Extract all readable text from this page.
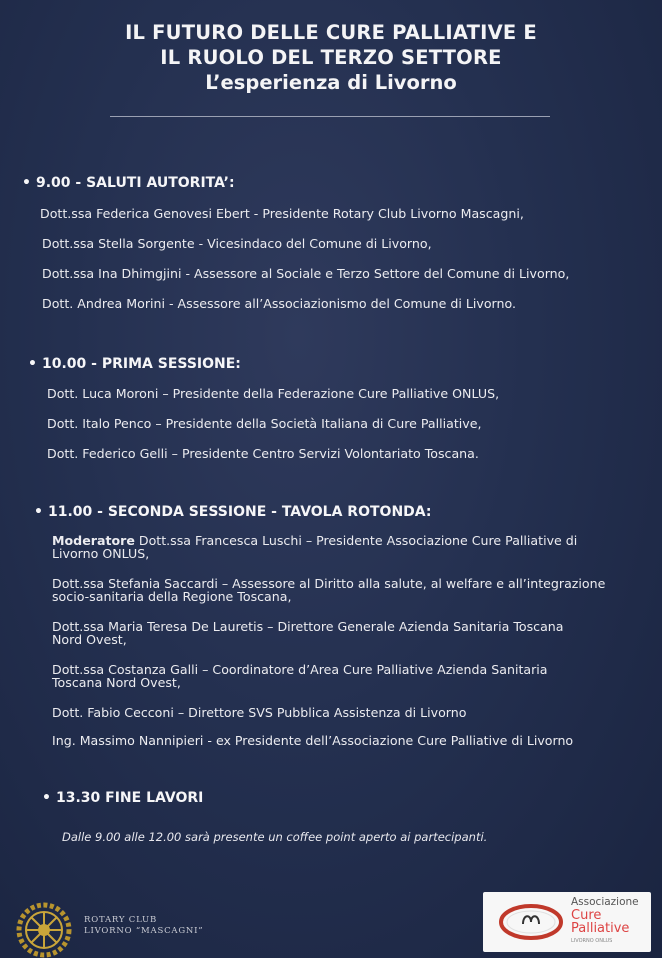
IL FUTURO DELLE CURE PALLIATIVE E
IL RUOLO DEL TERZO SETTORE
L’esperienza di Livorno
• 9.00 - SALUTI AUTORITA’:
Dott.ssa Federica Genovesi Ebert - Presidente Rotary Club Livorno Mascagni,
Dott.ssa Stella Sorgente - Vicesindaco del Comune di Livorno,
Dott.ssa Ina Dhimgjini - Assessore al Sociale e Terzo Settore del Comune di Livorno,
Dott. Andrea Morini - Assessore all’Associazionismo del Comune di Livorno.
• 10.00 - PRIMA SESSIONE:
Dott. Luca Moroni – Presidente della Federazione Cure Palliative ONLUS,
Dott. Italo Penco – Presidente della Società Italiana di Cure Palliative,
Dott. Federico Gelli – Presidente Centro Servizi Volontariato Toscana.
• 11.00 - SECONDA SESSIONE - TAVOLA ROTONDA:
Moderatore Dott.ssa Francesca Luschi – Presidente Associazione Cure Palliative di
Livorno ONLUS,
Dott.ssa Stefania Saccardi – Assessore al Diritto alla salute, al welfare e all’integrazione
socio-sanitaria della Regione Toscana,
Dott.ssa Maria Teresa De Lauretis – Direttore Generale Azienda Sanitaria Toscana
Nord Ovest,
Dott.ssa Costanza Galli – Coordinatore d’Area Cure Palliative Azienda Sanitaria
Toscana Nord Ovest,
Dott. Fabio Cecconi – Direttore SVS Pubblica Assistenza di Livorno
Ing. Massimo Nannipieri - ex Presidente dell’Associazione Cure Palliative di Livorno
• 13.30 FINE LAVORI
Dalle 9.00 alle 12.00 sarà presente un coffee point aperto ai partecipanti.
ROTARY CLUB
LIVORNO “MASCAGNI”
Associazione
Cure
Palliative
LIVORNO ONLUS
